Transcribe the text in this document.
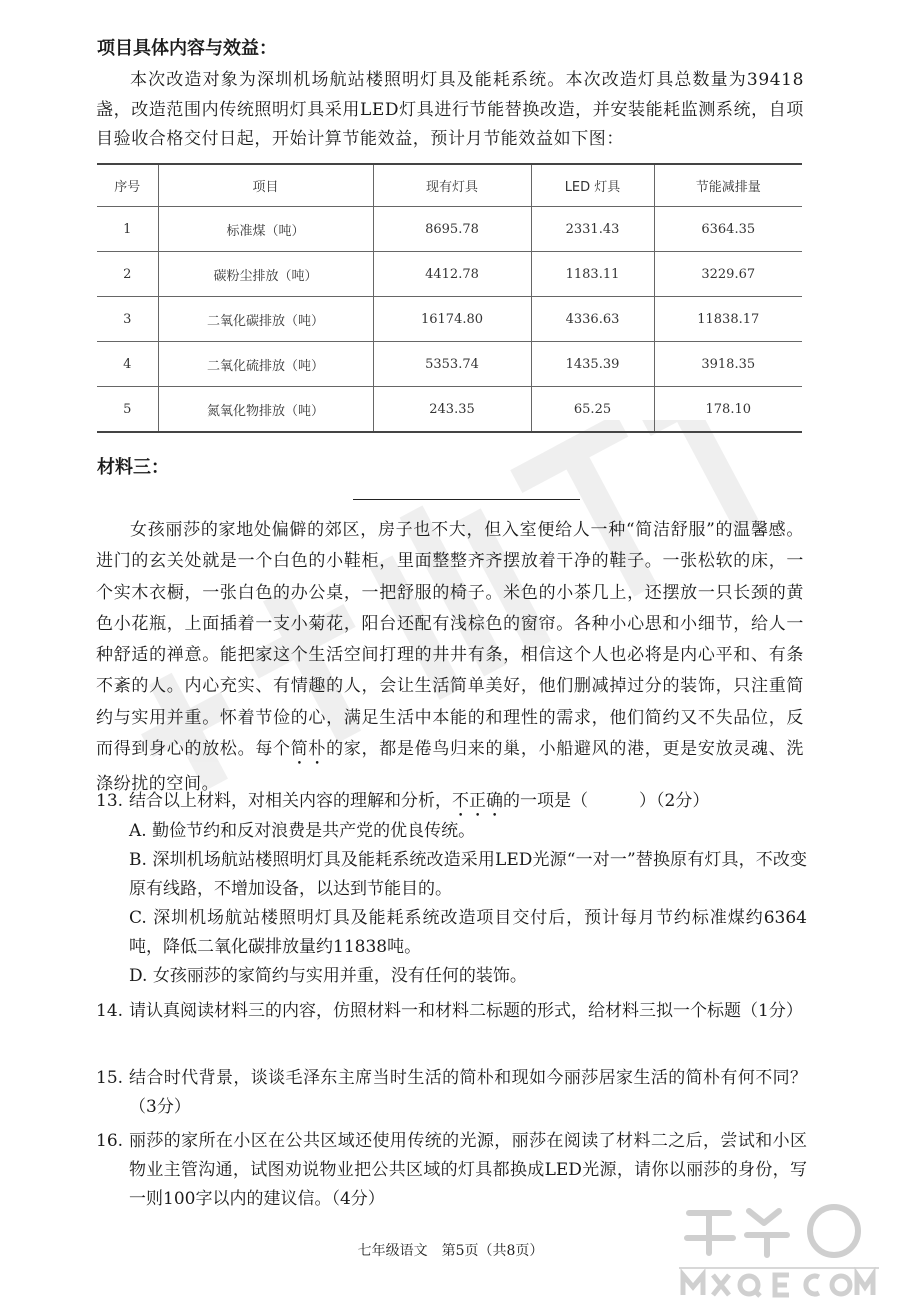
项目具体内容与效益：

本次改造对象为深圳机场航站楼照明灯具及能耗系统。本次改造灯具总数量为39418盏，改造范围内传统照明灯具采用LED灯具进行节能替换改造，并安装能耗监测系统，自项目验收合格交付日起，开始计算节能效益，预计月节能效益如下图：

序号	项目	现有灯具	LED 灯具	节能减排量
1	标准煤（吨）	8695.78	2331.43	6364.35
2	碳粉尘排放（吨）	4412.78	1183.11	3229.67
3	二氧化碳排放（吨）	16174.80	4336.63	11838.17
4	二氧化硫排放（吨）	5353.74	1435.39	3918.35
5	氮氧化物排放（吨）	243.35	65.25	178.10
材料三：

女孩丽莎的家地处偏僻的郊区，房子也不大，但入室便给人一种“简洁舒服”的温馨感。进门的玄关处就是一个白色的小鞋柜，里面整整齐齐摆放着干净的鞋子。一张松软的床，一个实木衣橱，一张白色的办公桌，一把舒服的椅子。米色的小茶几上，还摆放一只长颈的黄色小花瓶，上面插着一支小菊花，阳台还配有浅棕色的窗帘。各种小心思和小细节，给人一种舒适的禅意。能把家这个生活空间打理的井井有条，相信这个人也必将是内心平和、有条不紊的人。内心充实、有情趣的人，会让生活简单美好，他们删减掉过分的装饰，只注重简约与实用并重。怀着节俭的心，满足生活中本能的和理性的需求，他们简约又不失品位，反而得到身心的放松。每个简朴的家，都是倦鸟归来的巢，小船避风的港，更是安放灵魂、洗涤纷扰的空间。

13. 结合以上材料，对相关内容的理解和分析，不正确的一项是（　　　）（2分）
A. 勤俭节约和反对浪费是共产党的优良传统。
B. 深圳机场航站楼照明灯具及能耗系统改造采用LED光源“一对一”替换原有灯具，不改变原有线路，不增加设备，以达到节能目的。
C. 深圳机场航站楼照明灯具及能耗系统改造项目交付后，预计每月节约标准煤约6364吨，降低二氧化碳排放量约11838吨。
D. 女孩丽莎的家简约与实用并重，没有任何的装饰。
14. 请认真阅读材料三的内容，仿照材料一和材料二标题的形式，给材料三拟一个标题（1分）
15. 结合时代背景，谈谈毛泽东主席当时生活的简朴和现如今丽莎居家生活的简朴有何不同？（3分）
16. 丽莎的家所在小区在公共区域还使用传统的光源，丽莎在阅读了材料二之后，尝试和小区物业主管沟通，试图劝说物业把公共区域的灯具都换成LED光源，请你以丽莎的身份，写一则100字以内的建议信。（4分）
七年级语文　第5页（共8页）
